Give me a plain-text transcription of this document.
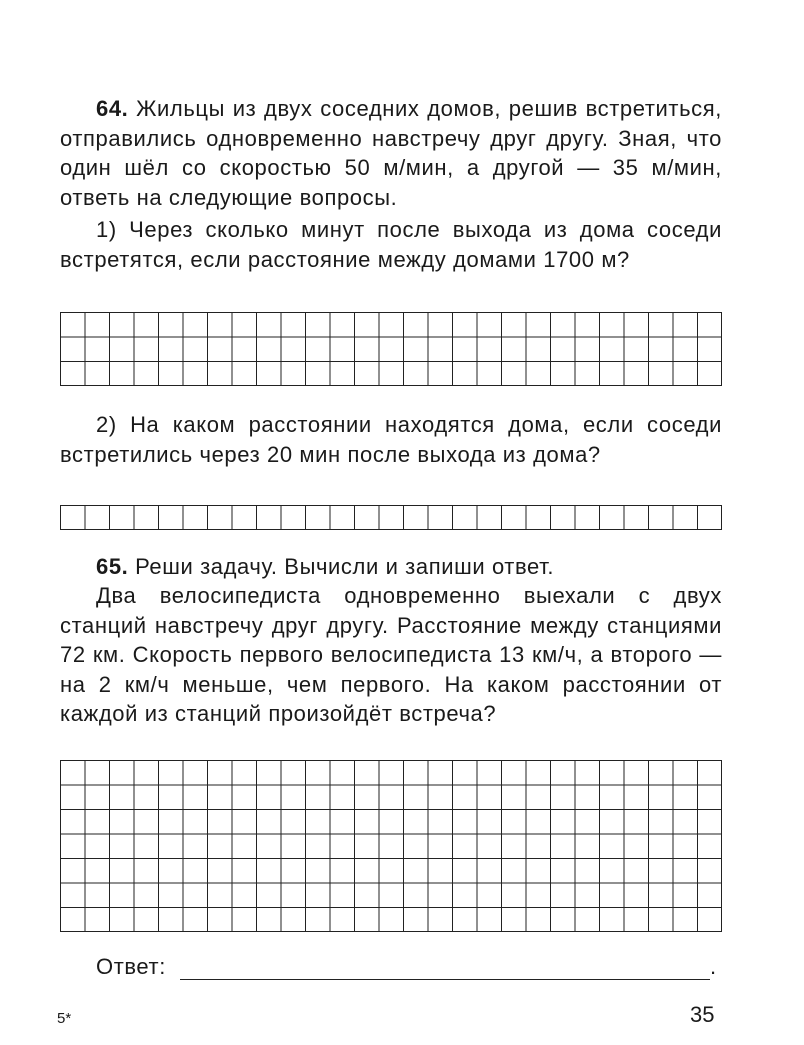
64. Жильцы из двух соседних домов, решив встретиться, отправились одновременно навстречу друг другу. Зная, что один шёл со скоростью 50 м/мин, а другой — 35 м/мин, ответь на следующие вопросы.

1) Через сколько минут после выхода из дома соседи встретятся, если расстояние между домами 1700 м?

2) На каком расстоянии находятся дома, если соседи встретились через 20 мин после выхода из дома?

65. Реши задачу. Вычисли и запиши ответ.

Два велосипедиста одновременно выехали с двух станций навстречу друг другу. Расстояние между станциями 72 км. Скорость первого велосипедиста 13 км/ч, а второго — на 2 км/ч меньше, чем первого. На каком расстоянии от каждой из станций произойдёт встреча?

Ответ:	.
5*	35
